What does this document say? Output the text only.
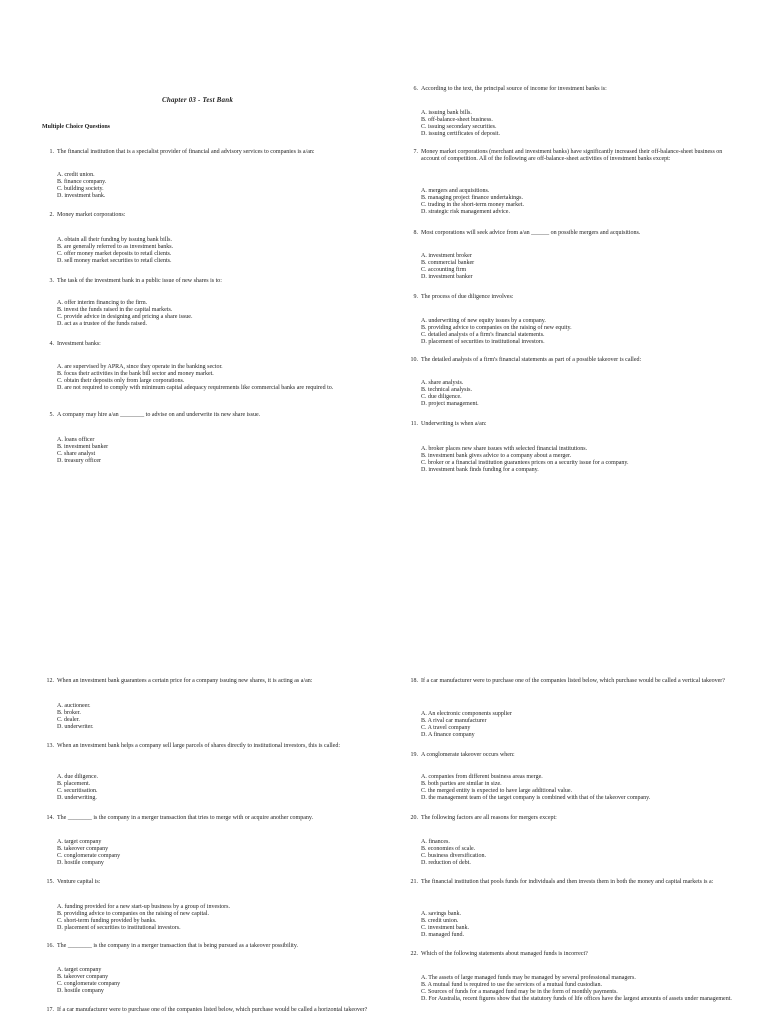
Chapter 03 - Test Bank
Multiple Choice Questions
1. The financial institution that is a specialist provider of financial and advisory services to companies is a/an:
A. credit union.
B. finance company.
C. building society.
D. investment bank.
2. Money market corporations:
A. obtain all their funding by issuing bank bills.
B. are generally referred to as investment banks.
C. offer money market deposits to retail clients.
D. sell money market securities to retail clients.
3. The task of the investment bank in a public issue of new shares is to:
A. offer interim financing to the firm.
B. invest the funds raised in the capital markets.
C. provide advice in designing and pricing a share issue.
D. act as a trustee of the funds raised.
4. Investment banks:
A. are supervised by APRA, since they operate in the banking sector.
B. focus their activities in the bank bill sector and money market.
C. obtain their deposits only from large corporations.
D. are not required to comply with minimum capital adequacy requirements like commercial banks are required to.
5. A company may hire a/an ________ to advise on and underwrite its new share issue.
A. loans officer
B. investment banker
C. share analyst
D. treasury officer
6. According to the text, the principal source of income for investment banks is:
A. issuing bank bills.
B. off-balance-sheet business.
C. issuing secondary securities.
D. issuing certificates of deposit.
7. Money market corporations (merchant and investment banks) have significantly increased their off-balance-sheet business on account of competition. All of the following are off-balance-sheet activities of investment banks except:
A. mergers and acquisitions.
B. managing project finance undertakings.
C. trading in the short-term money market.
D. strategic risk management advice.
8. Most corporations will seek advice from a/an ______ on possible mergers and acquisitions.
A. investment broker
B. commercial banker
C. accounting firm
D. investment banker
9. The process of due diligence involves:
A. underwriting of new equity issues by a company.
B. providing advice to companies on the raising of new equity.
C. detailed analysis of a firm's financial statements.
D. placement of securities to institutional investors.
10. The detailed analysis of a firm's financial statements as part of a possible takeover is called:
A. share analysis.
B. technical analysis.
C. due diligence.
D. project management.
11. Underwriting is when a/an:
A. broker places new share issues with selected financial institutions.
B. investment bank gives advice to a company about a merger.
C. broker or a financial institution guarantees prices on a security issue for a company.
D. investment bank finds funding for a company.
12. When an investment bank guarantees a certain price for a company issuing new shares, it is acting as a/an:
A. auctioneer.
B. broker.
C. dealer.
D. underwriter.
13. When an investment bank helps a company sell large parcels of shares directly to institutional investors, this is called:
A. due diligence.
B. placement.
C. securitisation.
D. underwriting.
14. The ________ is the company in a merger transaction that tries to merge with or acquire another company.
A. target company
B. takeover company
C. conglomerate company
D. hostile company
15. Venture capital is:
A. funding provided for a new start-up business by a group of investors.
B. providing advice to companies on the raising of new capital.
C. short-term funding provided by banks.
D. placement of securities to institutional investors.
16. The ________ is the company in a merger transaction that is being pursued as a takeover possibility.
A. target company
B. takeover company
C. conglomerate company
D. hostile company
17. If a car manufacturer were to purchase one of the companies listed below, which purchase would be called a horizontal takeover?
18. If a car manufacturer were to purchase one of the companies listed below, which purchase would be called a vertical takeover?
A. An electronic components supplier
B. A rival car manufacturer
C. A travel company
D. A finance company
19. A conglomerate takeover occurs when:
A. companies from different business areas merge.
B. both parties are similar in size.
C. the merged entity is expected to have large additional value.
D. the management team of the target company is combined with that of the takeover company.
20. The following factors are all reasons for mergers except:
A. finances.
B. economies of scale.
C. business diversification.
D. reduction of debt.
21. The financial institution that pools funds for individuals and then invests them in both the money and capital markets is a:
A. savings bank.
B. credit union.
C. investment bank.
D. managed fund.
22. Which of the following statements about managed funds is incorrect?
A. The assets of large managed funds may be managed by several professional managers.
B. A mutual fund is required to use the services of a mutual fund custodian.
C. Sources of funds for a managed fund may be in the form of monthly payments.
D. For Australia, recent figures show that the statutory funds of life offices have the largest amounts of assets under management.
